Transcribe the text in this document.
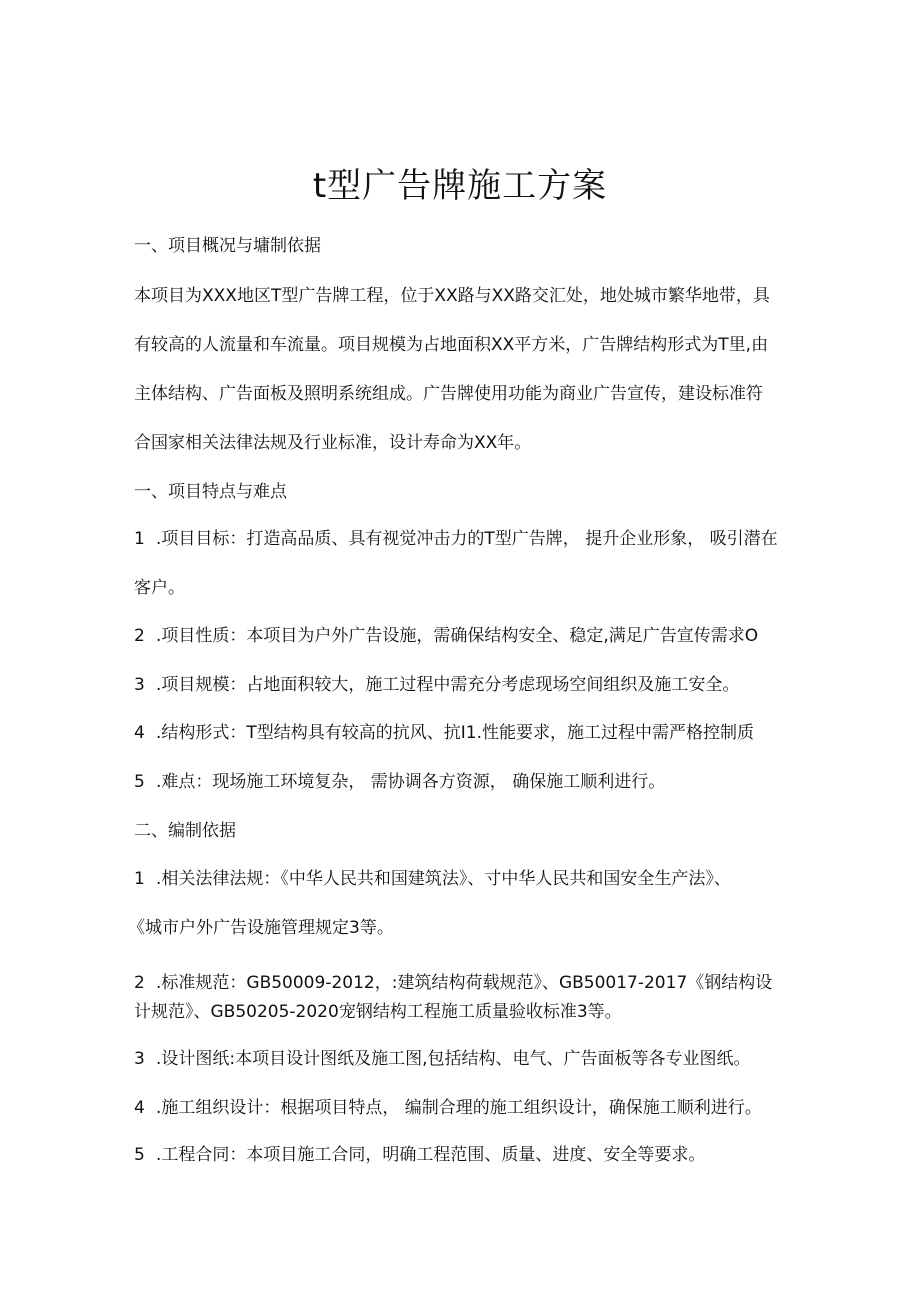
t型广告牌施工方案
一、项目概况与墉制依据
本项目为XXX地区T型广告牌工程，位于XX路与XX路交汇处，地处城市繁华地带，具
有较高的人流量和车流量。项目规模为占地面积XX平方米，广告牌结构形式为T里,由
主体结构、广告面板及照明系统组成。广告牌使用功能为商业广告宣传，建设标准符
合国家相关法律法规及行业标准，设计寿命为XX年。
一、项目特点与难点
1 .项目目标：打造高品质、具有视觉冲击力的T型广告牌， 提升企业形象， 吸引潜在
客户。
2 .项目性质：本项目为户外广告设施，需确保结构安全、稳定,满足广告宣传需求O
3 .项目规模：占地面积较大，施工过程中需充分考虑现场空间组织及施工安全。
4 .结构形式：T型结构具有较高的抗风、抗I1.性能要求，施工过程中需严格控制质
5 .难点：现场施工环境复杂， 需协调各方资源， 确保施工顺利进行。
二、编制依据
1 .相关法律法规：《中华人民共和国建筑法》、寸中华人民共和国安全生产法》、
《城市户外广告设施管理规定3等。
2 .标准规范：GB50009-2012，:建筑结构荷载规范》、GB50017-2017《钢结构设
计规范》、GB50205-2020宠钢结构工程施工质量验收标准3等。
3 .设计图纸:本项目设计图纸及施工图,包括结构、电气、广告面板等各专业图纸。
4 .施工组织设计：根据项目特点， 编制合理的施工组织设计，确保施工顺利进行。
5 .工程合同：本项目施工合同，明确工程范围、质量、进度、安全等要求。
